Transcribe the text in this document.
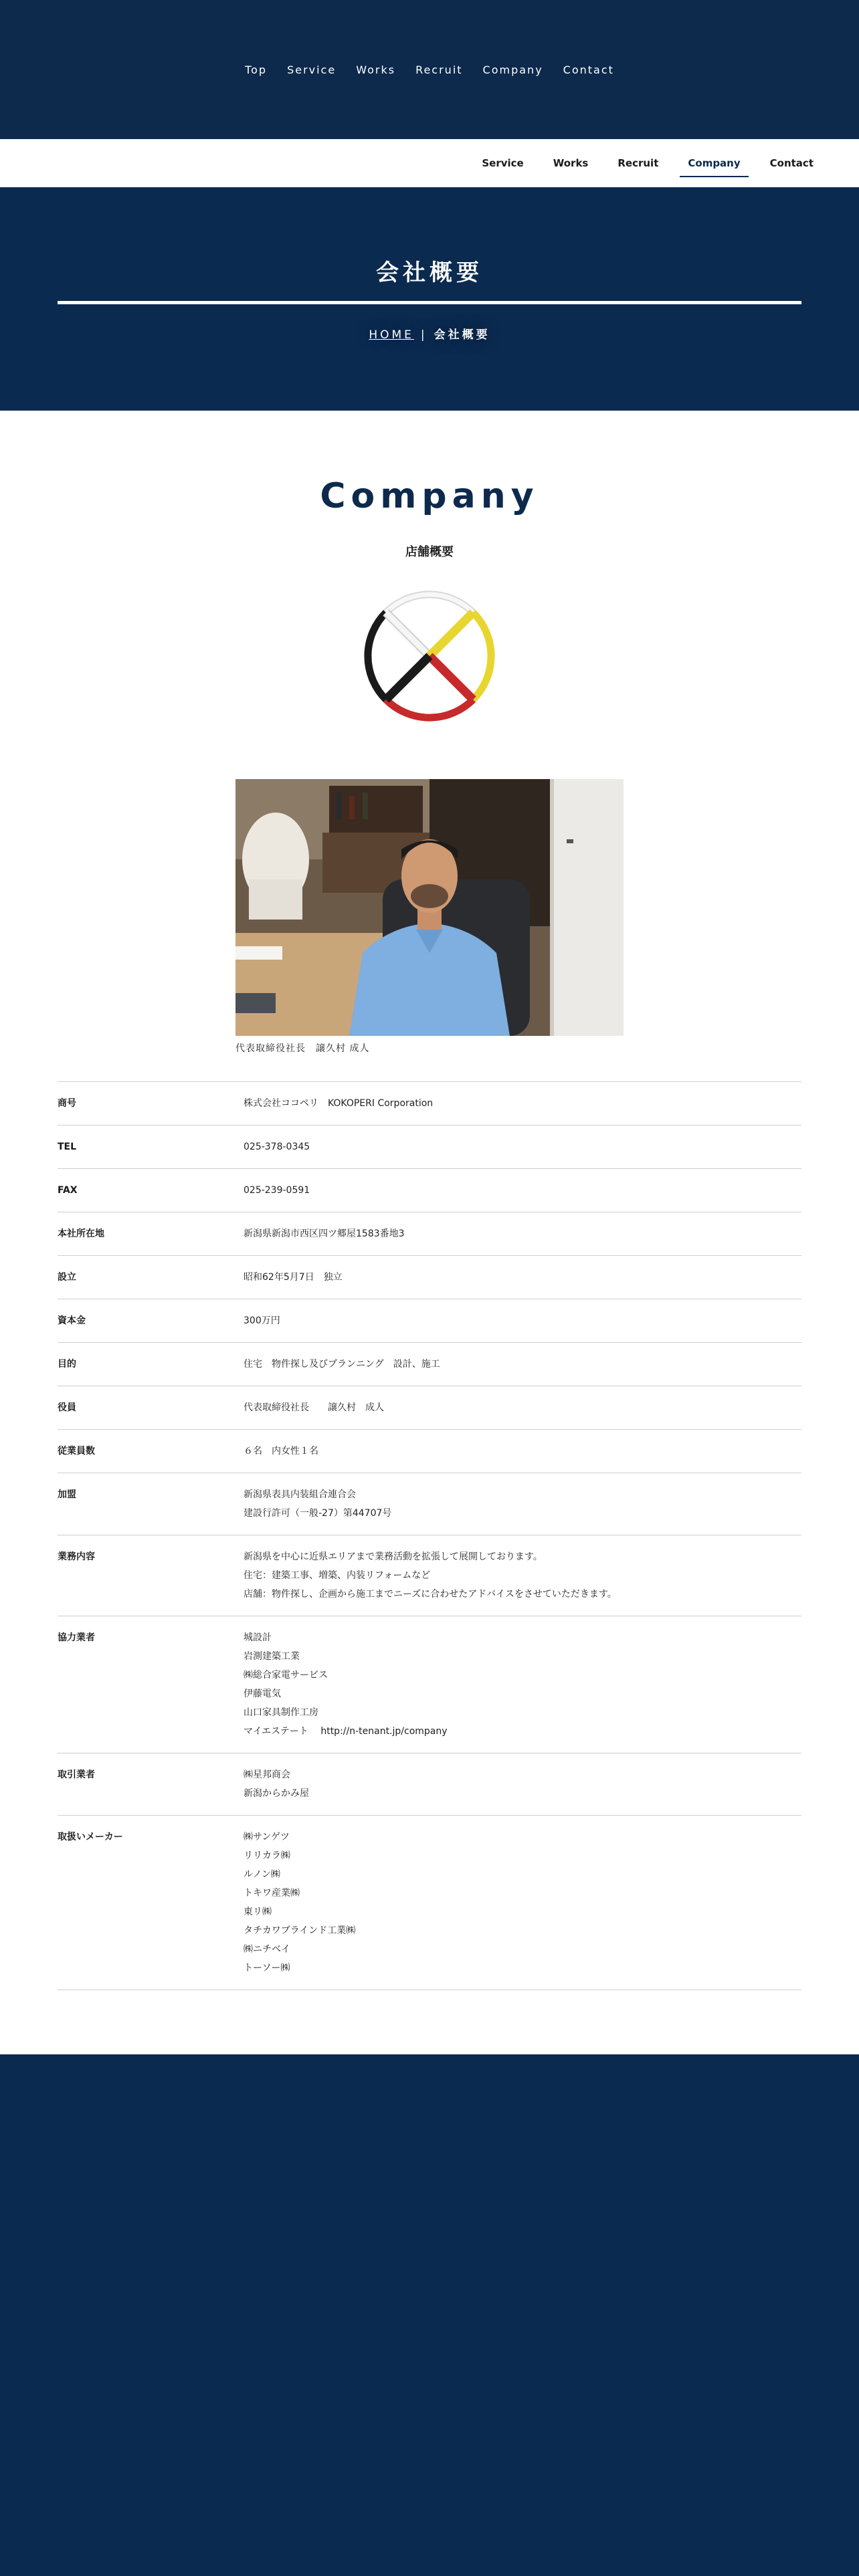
Top Service Works Recruit Company Contact
Service	Works	Recruit	Company	Contact
会社概要
HOME | 会社概要
Company
店舗概要
代表取締役社長　譲久村 成人
商号	株式会社ココペリ　KOKOPERI Corporation
TEL	025-378-0345
FAX	025-239-0591
本社所在地	新潟県新潟市西区四ツ郷屋1583番地3
設立	昭和62年5月7日　独立
資本金	300万円
目的	住宅　物件探し及びプランニング　設計、施工
役員	代表取締役社長　　譲久村　成人
従業員数	６名　内女性１名
加盟	新潟県表具内装組合連合会
建設行許可（一般-27）第44707号
業務内容	新潟県を中心に近県エリアまで業務活動を拡張して展開しております。
住宅：建築工事、増築、内装リフォームなど
店舗：物件探し、企画から施工までニーズに合わせたアドバイスをさせていただきます。
協力業者	城設計
岩測建築工業
㈱総合家電サービス
伊藤電気
山口家具制作工房
マイエステート　 http://n-tenant.jp/company
取引業者	㈱星邦商会
新潟からかみ屋
取扱いメーカー	㈱サンゲツ
リリカラ㈱
ルノン㈱
トキワ産業㈱
東リ㈱
タチカワブラインド工業㈱
㈱ニチベイ
トーソー㈱
